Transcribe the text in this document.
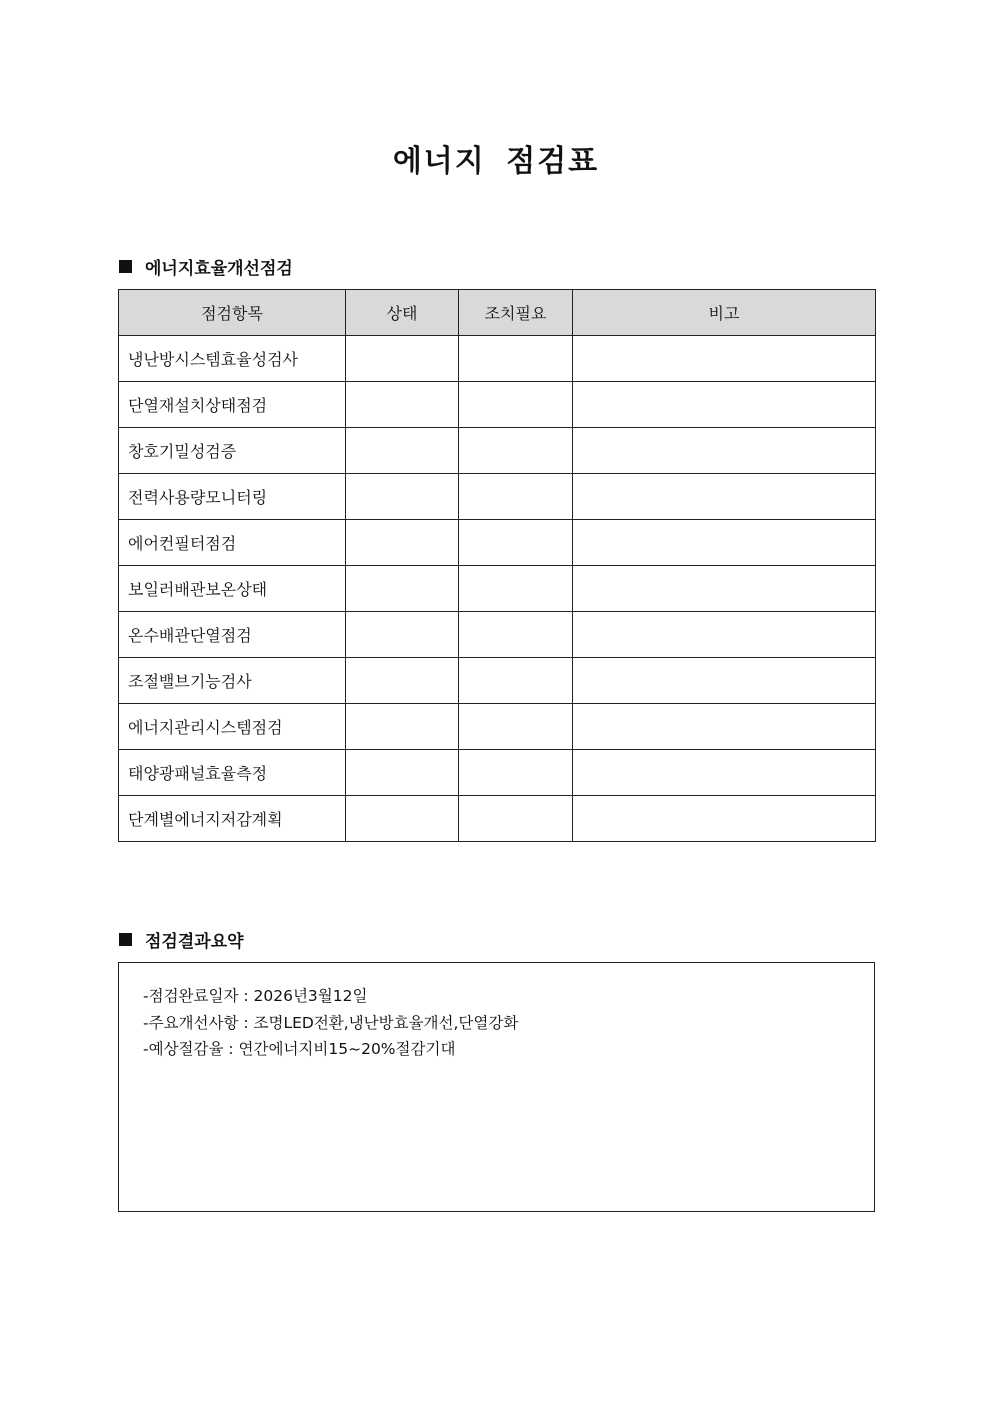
에너지 점검표
에너지효율개선점검
점검항목	상태	조치필요	비고
냉난방시스템효율성검사			
단열재설치상태점검			
창호기밀성검증			
전력사용량모니터링			
에어컨필터점검			
보일러배관보온상태			
온수배관단열점검			
조절밸브기능검사			
에너지관리시스템점검			
태양광패널효율측정			
단계별에너지저감계획			
점검결과요약
-점검완료일자 : 2026년3월12일
-주요개선사항 : 조명LED전환,냉난방효율개선,단열강화
-예상절감율 : 연간에너지비15~20%절감기대
